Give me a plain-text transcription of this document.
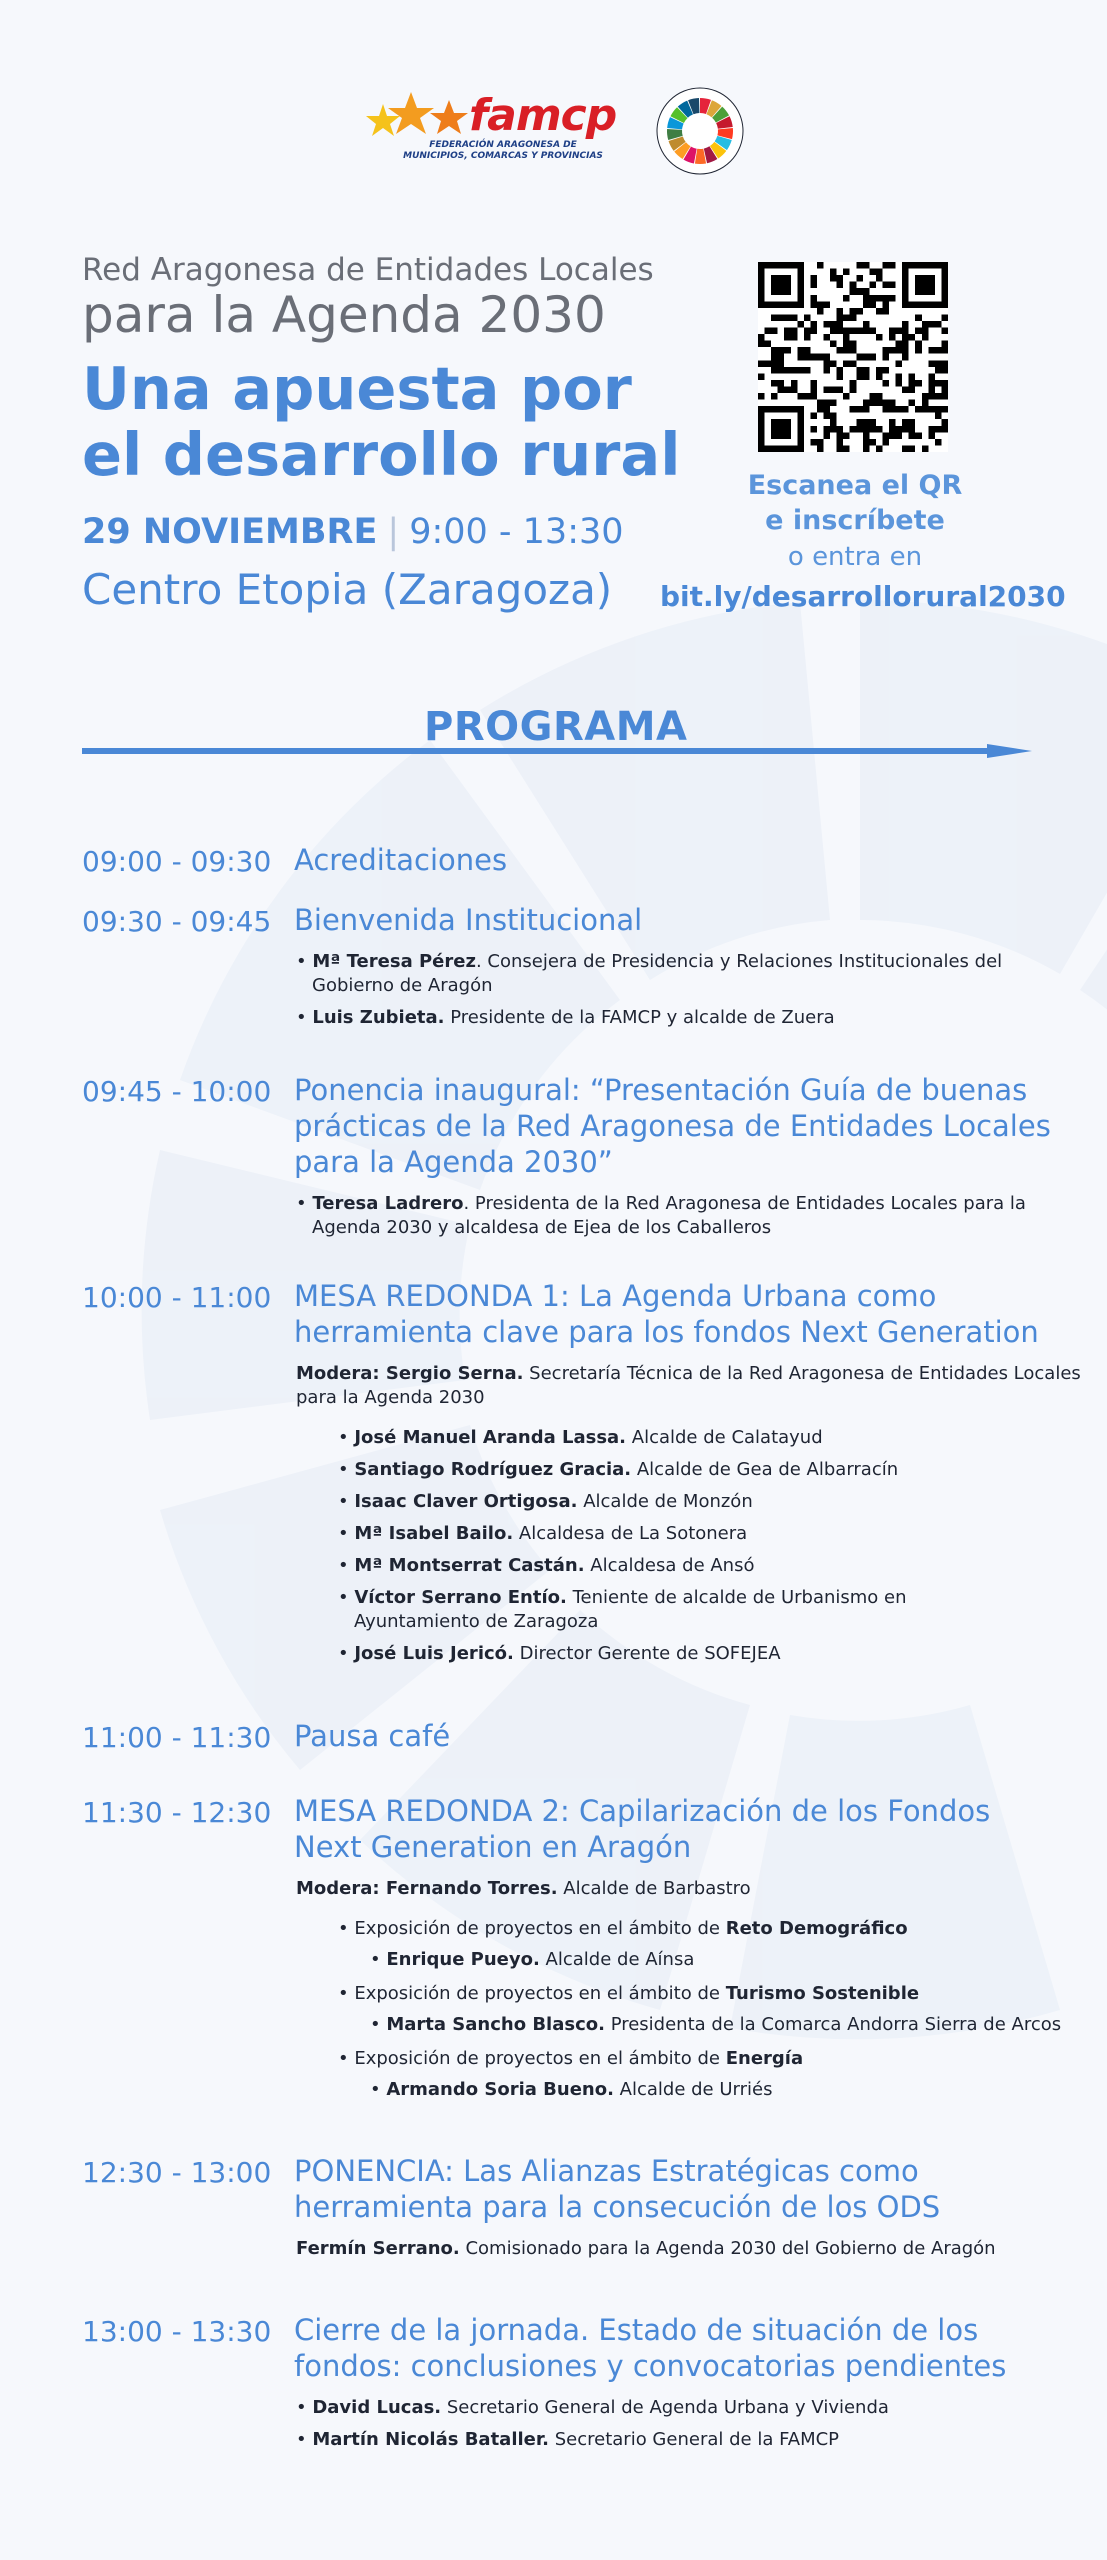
famcp
FEDERACIÓN ARAGONESA DE MUNICIPIOS, COMARCAS Y PROVINCIAS
Red Aragonesa de Entidades Locales
para la Agenda 2030
Una apuesta por
el desarrollo rural
29 NOVIEMBRE | 9:00 - 13:30
Centro Etopia (Zaragoza)
Escanea el QR
e inscríbete
o entra en
bit.ly/desarrollorural2030
PROGRAMA
09:00 - 09:30 Acreditaciones
09:30 - 09:45 Bienvenida Institucional
• Mª Teresa Pérez. Consejera de Presidencia y Relaciones Institucionales del
Gobierno de Aragón
• Luis Zubieta. Presidente de la FAMCP y alcalde de Zuera
09:45 - 10:00 Ponencia inaugural: “Presentación Guía de buenas
prácticas de la Red Aragonesa de Entidades Locales
para la Agenda 2030”
• Teresa Ladrero. Presidenta de la Red Aragonesa de Entidades Locales para la
Agenda 2030 y alcaldesa de Ejea de los Caballeros
10:00 - 11:00 MESA REDONDA 1: La Agenda Urbana como
herramienta clave para los fondos Next Generation
Modera: Sergio Serna. Secretaría Técnica de la Red Aragonesa de Entidades Locales
para la Agenda 2030
• José Manuel Aranda Lassa. Alcalde de Calatayud
• Santiago Rodríguez Gracia. Alcalde de Gea de Albarracín
• Isaac Claver Ortigosa. Alcalde de Monzón
• Mª Isabel Bailo. Alcaldesa de La Sotonera
• Mª Montserrat Castán. Alcaldesa de Ansó
• Víctor Serrano Entío. Teniente de alcalde de Urbanismo en
Ayuntamiento de Zaragoza
• José Luis Jericó. Director Gerente de SOFEJEA
11:00 - 11:30 Pausa café
11:30 - 12:30 MESA REDONDA 2: Capilarización de los Fondos
Next Generation en Aragón
Modera: Fernando Torres. Alcalde de Barbastro
• Exposición de proyectos en el ámbito de Reto Demográfico
• Enrique Pueyo. Alcalde de Aínsa
• Exposición de proyectos en el ámbito de Turismo Sostenible
• Marta Sancho Blasco. Presidenta de la Comarca Andorra Sierra de Arcos
• Exposición de proyectos en el ámbito de Energía
• Armando Soria Bueno. Alcalde de Urriés
12:30 - 13:00 PONENCIA: Las Alianzas Estratégicas como
herramienta para la consecución de los ODS
Fermín Serrano. Comisionado para la Agenda 2030 del Gobierno de Aragón
13:00 - 13:30 Cierre de la jornada. Estado de situación de los
fondos: conclusiones y convocatorias pendientes
• David Lucas. Secretario General de Agenda Urbana y Vivienda
• Martín Nicolás Bataller. Secretario General de la FAMCP
